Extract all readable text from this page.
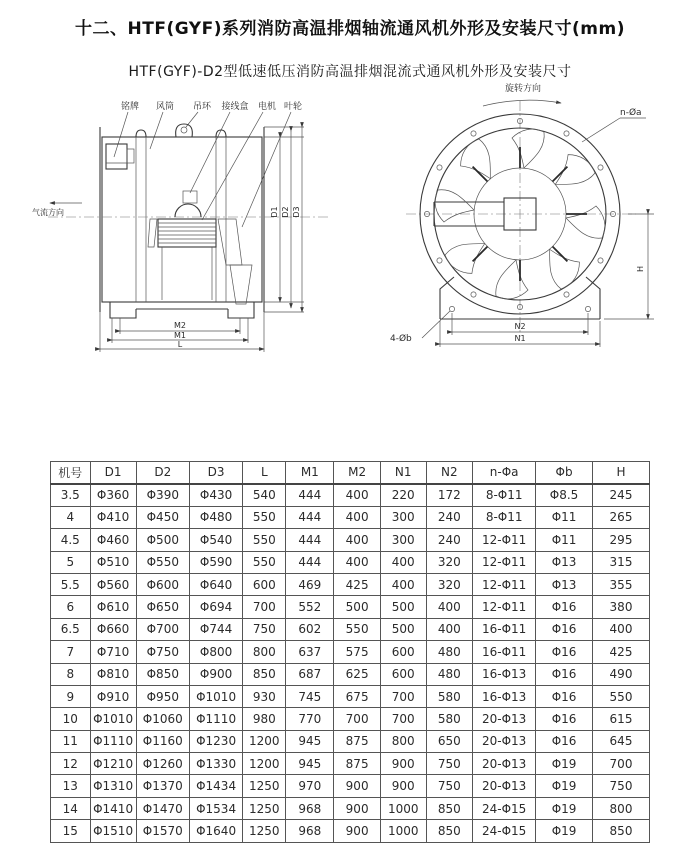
十二、HTF(GYF)系列消防高温排烟轴流通风机外形及安装尺寸(mm)
HTF(GYF)-D2型低速低压消防高温排烟混流式通风机外形及安装尺寸
铭牌 风筒 吊环 接线盒 电机 叶轮
气流方向	D1 D2 D3
M2
M1
L
旋转方向
n-Øa
4-Øb
N2
N1
H
机号	D1	D2	D3	L	M1	M2	N1	N2	n-Φa	Φb	H
3.5	Φ360	Φ390	Φ430	540	444	400	220	172	8-Φ11	Φ8.5	245
4	Φ410	Φ450	Φ480	550	444	400	300	240	8-Φ11	Φ11	265
4.5	Φ460	Φ500	Φ540	550	444	400	300	240	12-Φ11	Φ11	295
5	Φ510	Φ550	Φ590	550	444	400	400	320	12-Φ11	Φ13	315
5.5	Φ560	Φ600	Φ640	600	469	425	400	320	12-Φ11	Φ13	355
6	Φ610	Φ650	Φ694	700	552	500	500	400	12-Φ11	Φ16	380
6.5	Φ660	Φ700	Φ744	750	602	550	500	400	16-Φ11	Φ16	400
7	Φ710	Φ750	Φ800	800	637	575	600	480	16-Φ11	Φ16	425
8	Φ810	Φ850	Φ900	850	687	625	600	480	16-Φ13	Φ16	490
9	Φ910	Φ950	Φ1010	930	745	675	700	580	16-Φ13	Φ16	550
10	Φ1010	Φ1060	Φ1110	980	770	700	700	580	20-Φ13	Φ16	615
11	Φ1110	Φ1160	Φ1230	1200	945	875	800	650	20-Φ13	Φ16	645
12	Φ1210	Φ1260	Φ1330	1200	945	875	900	750	20-Φ13	Φ19	700
13	Φ1310	Φ1370	Φ1434	1250	970	900	900	750	20-Φ13	Φ19	750
14	Φ1410	Φ1470	Φ1534	1250	968	900	1000	850	24-Φ15	Φ19	800
15	Φ1510	Φ1570	Φ1640	1250	968	900	1000	850	24-Φ15	Φ19	850
